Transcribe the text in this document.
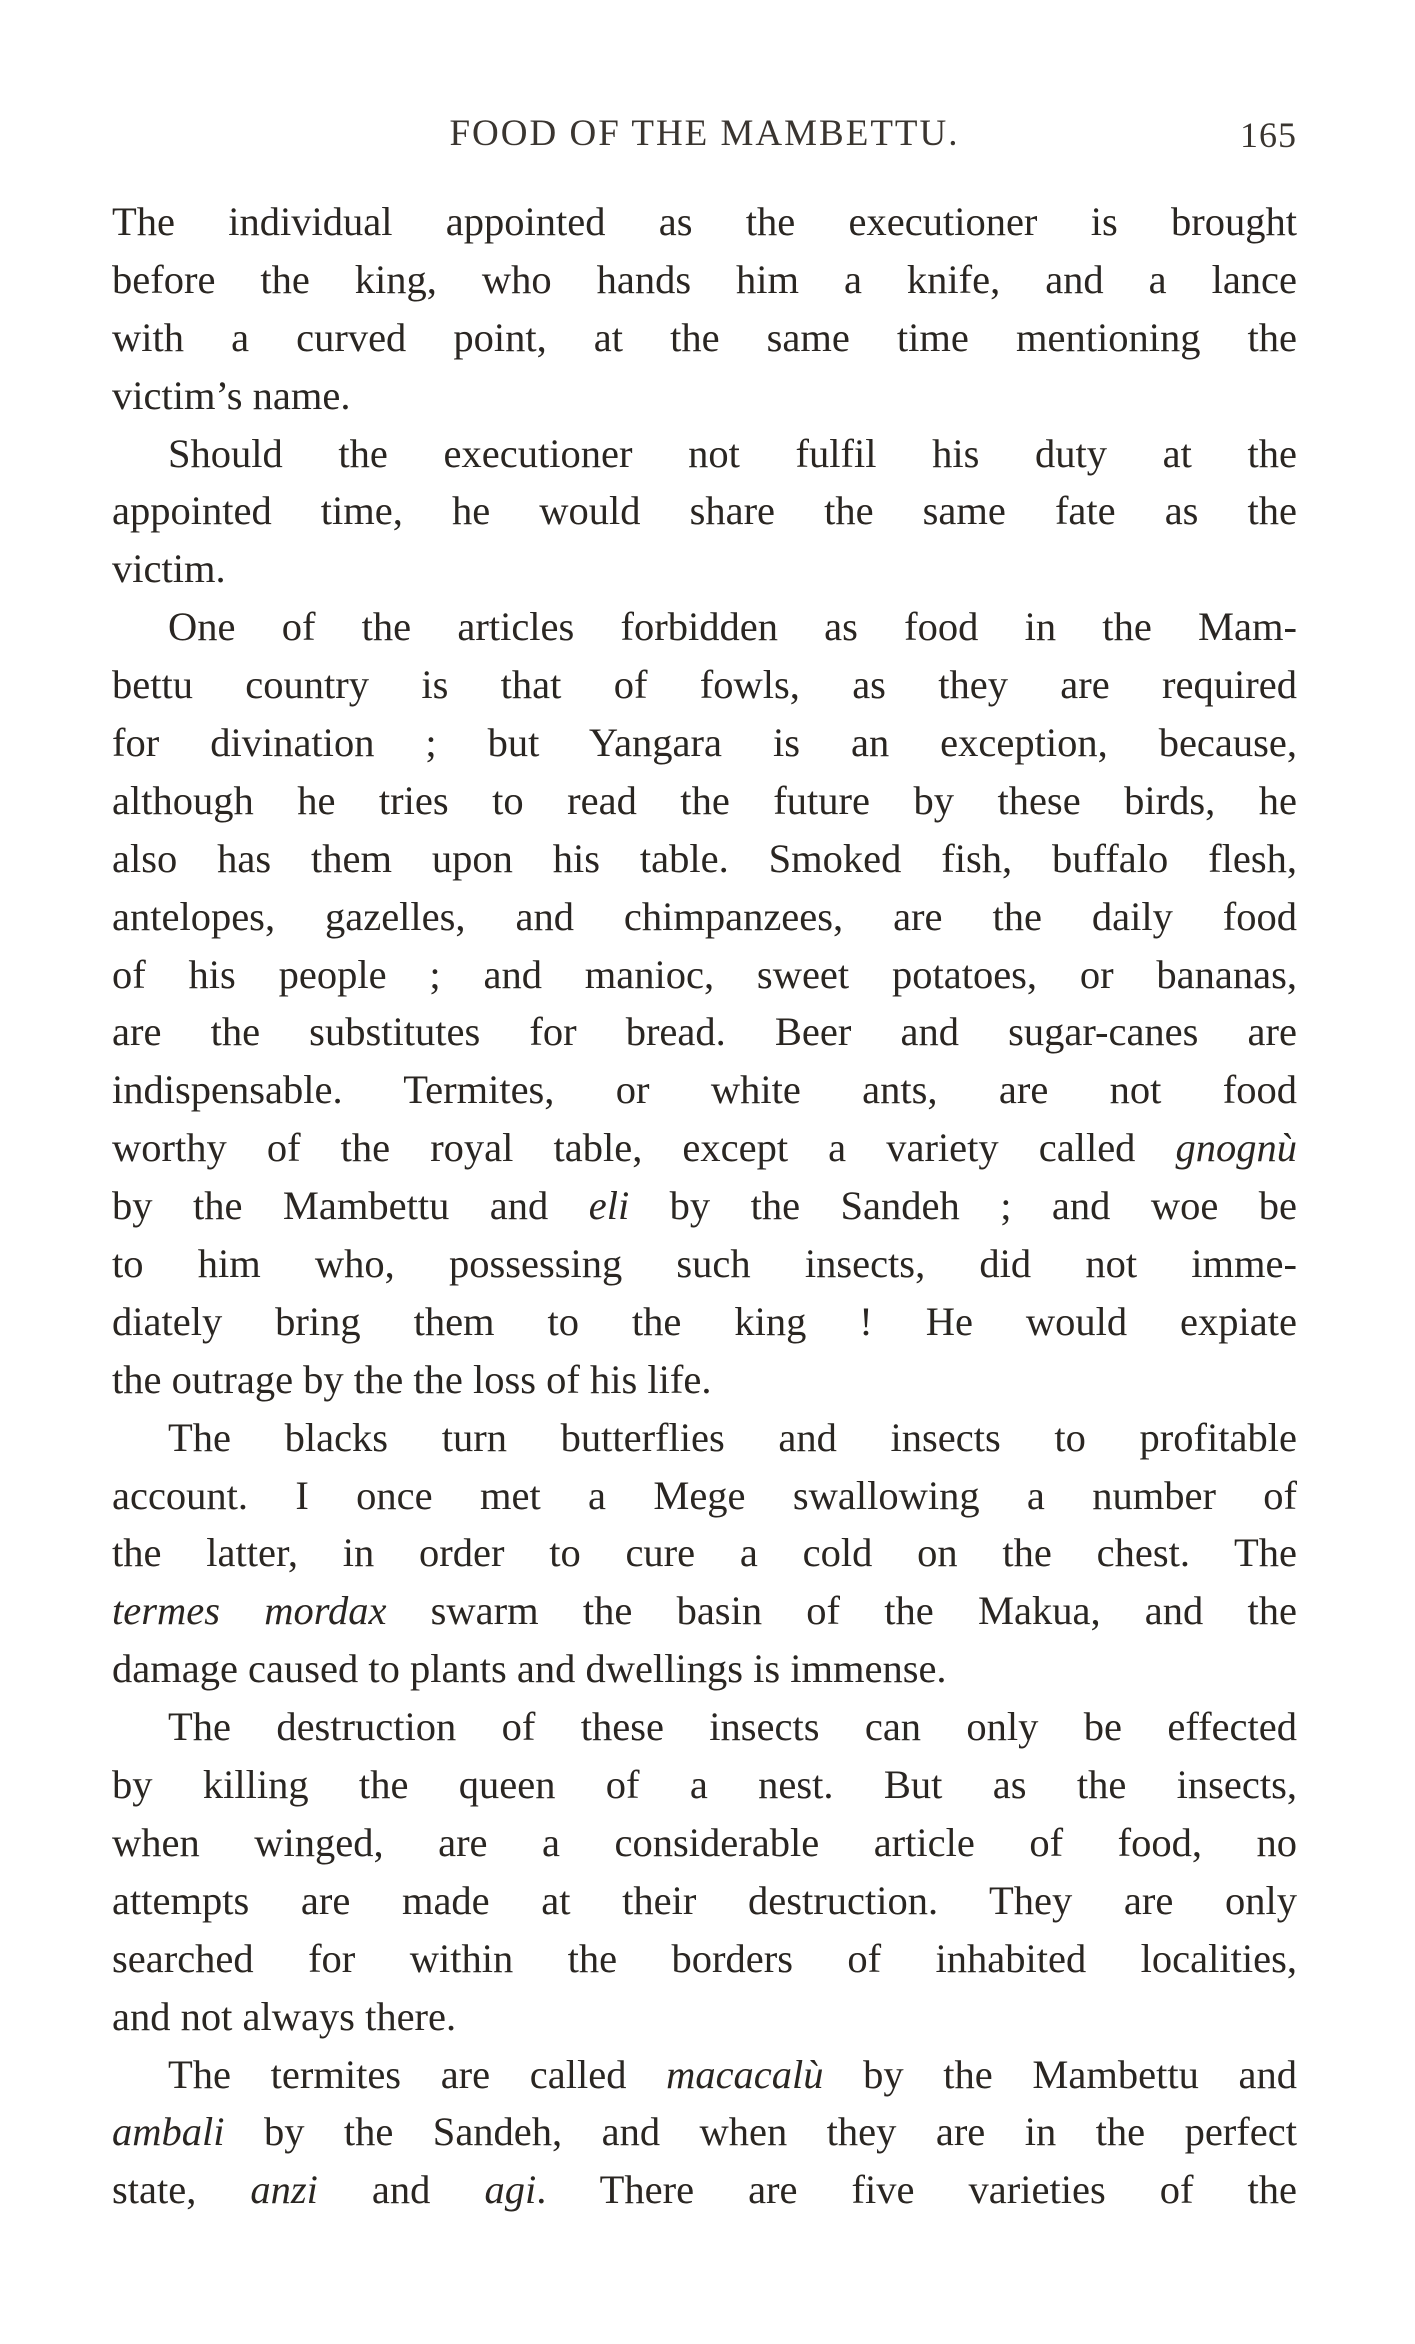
FOOD OF THE MAMBETTU.	165

The individual appointed as the executioner is brought
before the king, who hands him a knife, and a lance
with a curved point, at the same time mentioning the
victim’s name.

Should the executioner not fulfil his duty at the
appointed time, he would share the same fate as the
victim.

One of the articles forbidden as food in the Mam-
bettu country is that of fowls, as they are required
for divination ; but Yangara is an exception, because,
although he tries to read the future by these birds, he
also has them upon his table. Smoked fish, buffalo flesh,
antelopes, gazelles, and chimpanzees, are the daily food
of his people ; and manioc, sweet potatoes, or bananas,
are the substitutes for bread. Beer and sugar-canes are
indispensable. Termites, or white ants, are not food
worthy of the royal table, except a variety called gnognù
by the Mambettu and eli by the Sandeh ; and woe be
to him who, possessing such insects, did not imme-
diately bring them to the king ! He would expiate
the outrage by the the loss of his life.

The blacks turn butterflies and insects to profitable
account. I once met a Mege swallowing a number of
the latter, in order to cure a cold on the chest. The
termes mordax swarm the basin of the Makua, and the
damage caused to plants and dwellings is immense.

The destruction of these insects can only be effected
by killing the queen of a nest. But as the insects,
when winged, are a considerable article of food, no
attempts are made at their destruction. They are only
searched for within the borders of inhabited localities,
and not always there.

The termites are called macacalù by the Mambettu and
ambali by the Sandeh, and when they are in the perfect
state, anzi and agi. There are five varieties of the
